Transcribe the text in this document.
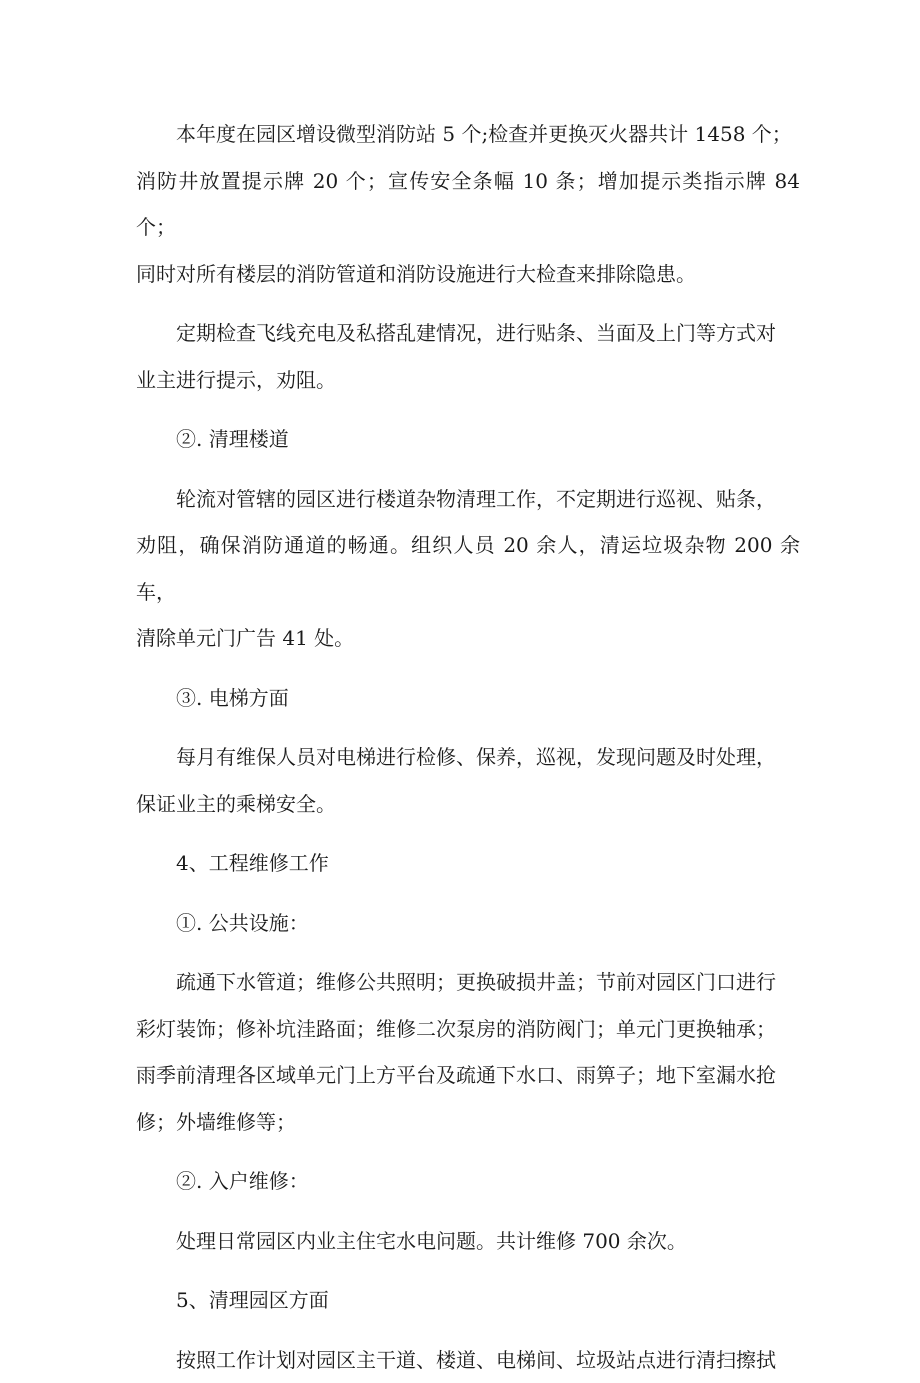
本年度在园区增设微型消防站 5 个;检查并更换灭火器共计 1458 个；

消防井放置提示牌 20 个；宣传安全条幅 10 条；增加提示类指示牌 84 个；

同时对所有楼层的消防管道和消防设施进行大检查来排除隐患。

定期检查飞线充电及私搭乱建情况，进行贴条、当面及上门等方式对

业主进行提示，劝阻。

②. 清理楼道

轮流对管辖的园区进行楼道杂物清理工作，不定期进行巡视、贴条，

劝阻，确保消防通道的畅通。组织人员 20 余人，清运垃圾杂物 200 余车，

清除单元门广告 41 处。

③. 电梯方面

每月有维保人员对电梯进行检修、保养，巡视，发现问题及时处理，

保证业主的乘梯安全。

4、工程维修工作

①. 公共设施：

疏通下水管道；维修公共照明；更换破损井盖；节前对园区门口进行

彩灯装饰；修补坑洼路面；维修二次泵房的消防阀门；单元门更换轴承；

雨季前清理各区域单元门上方平台及疏通下水口、雨箅子；地下室漏水抢

修；外墙维修等；

②. 入户维修：

处理日常园区内业主住宅水电问题。共计维修 700 余次。

5、清理园区方面

按照工作计划对园区主干道、楼道、电梯间、垃圾站点进行清扫擦拭
